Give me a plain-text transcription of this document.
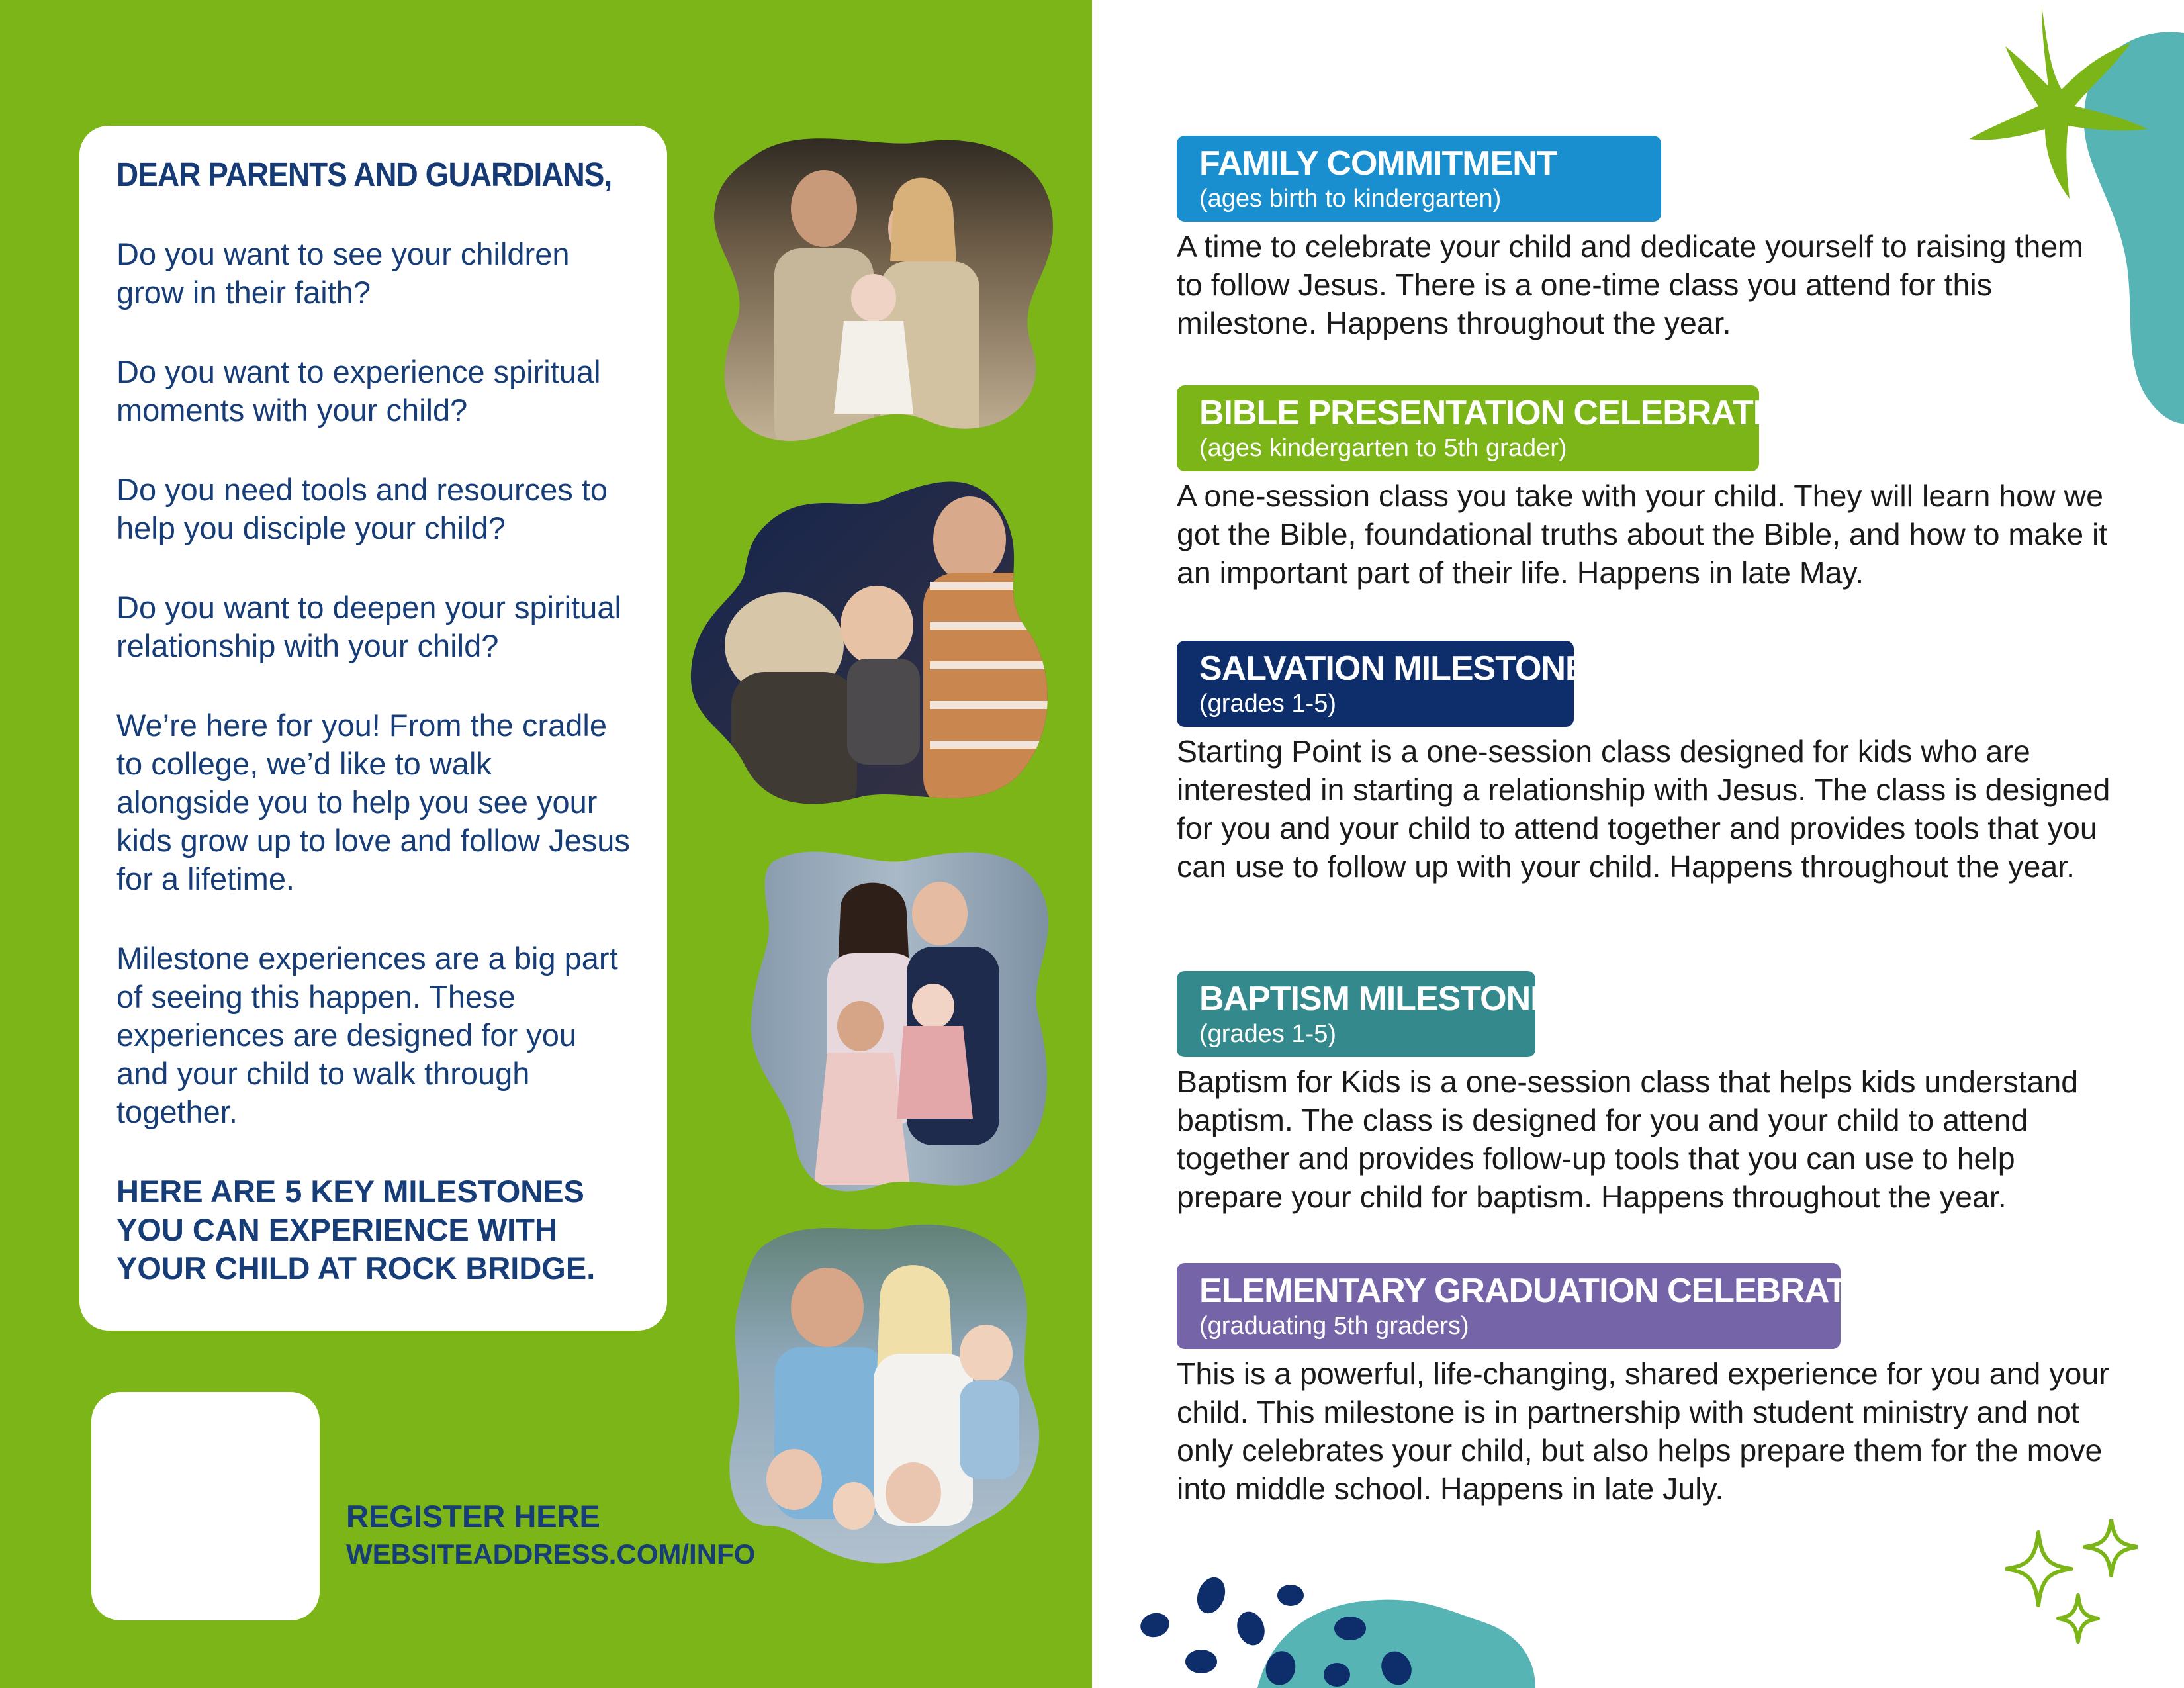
DEAR PARENTS AND GUARDIANS,

Do you want to see your children grow in their faith?

Do you want to experience spiritual moments with your child?

Do you need tools and resources to help you disciple your child?

Do you want to deepen your spiritual relationship with your child?

We’re here for you! From the cradle to college, we’d like to walk alongside you to help you see your kids grow up to love and follow Jesus for a lifetime.

Milestone experiences are a big part of seeing this happen. These experiences are designed for you and your child to walk through together.

HERE ARE 5 KEY MILESTONES YOU CAN EXPERIENCE WITH YOUR CHILD AT ROCK BRIDGE.

REGISTER HERE
WEBSITEADDRESS.COM/INFO
FAMILY COMMITMENT
(ages birth to kindergarten)
A time to celebrate your child and dedicate yourself to raising them to follow Jesus. There is a one-time class you attend for this milestone. Happens throughout the year.
BIBLE PRESENTATION CELEBRATION
(ages kindergarten to 5th grader)
A one-session class you take with your child. They will learn how we got the Bible, foundational truths about the Bible, and how to make it an important part of their life. Happens in late May.
SALVATION MILESTONE
(grades 1-5)
Starting Point is a one-session class designed for kids who are interested in starting a relationship with Jesus. The class is designed for you and your child to attend together and provides tools that you can use to follow up with your child. Happens throughout the year.
BAPTISM MILESTONE
(grades 1-5)
Baptism for Kids is a one-session class that helps kids understand baptism. The class is designed for you and your child to attend together and provides follow-up tools that you can use to help prepare your child for baptism. Happens throughout the year.
ELEMENTARY GRADUATION CELEBRATION
(graduating 5th graders)
This is a powerful, life-changing, shared experience for you and your child. This milestone is in partnership with student ministry and not only celebrates your child, but also helps prepare them for the move into middle school. Happens in late July.
